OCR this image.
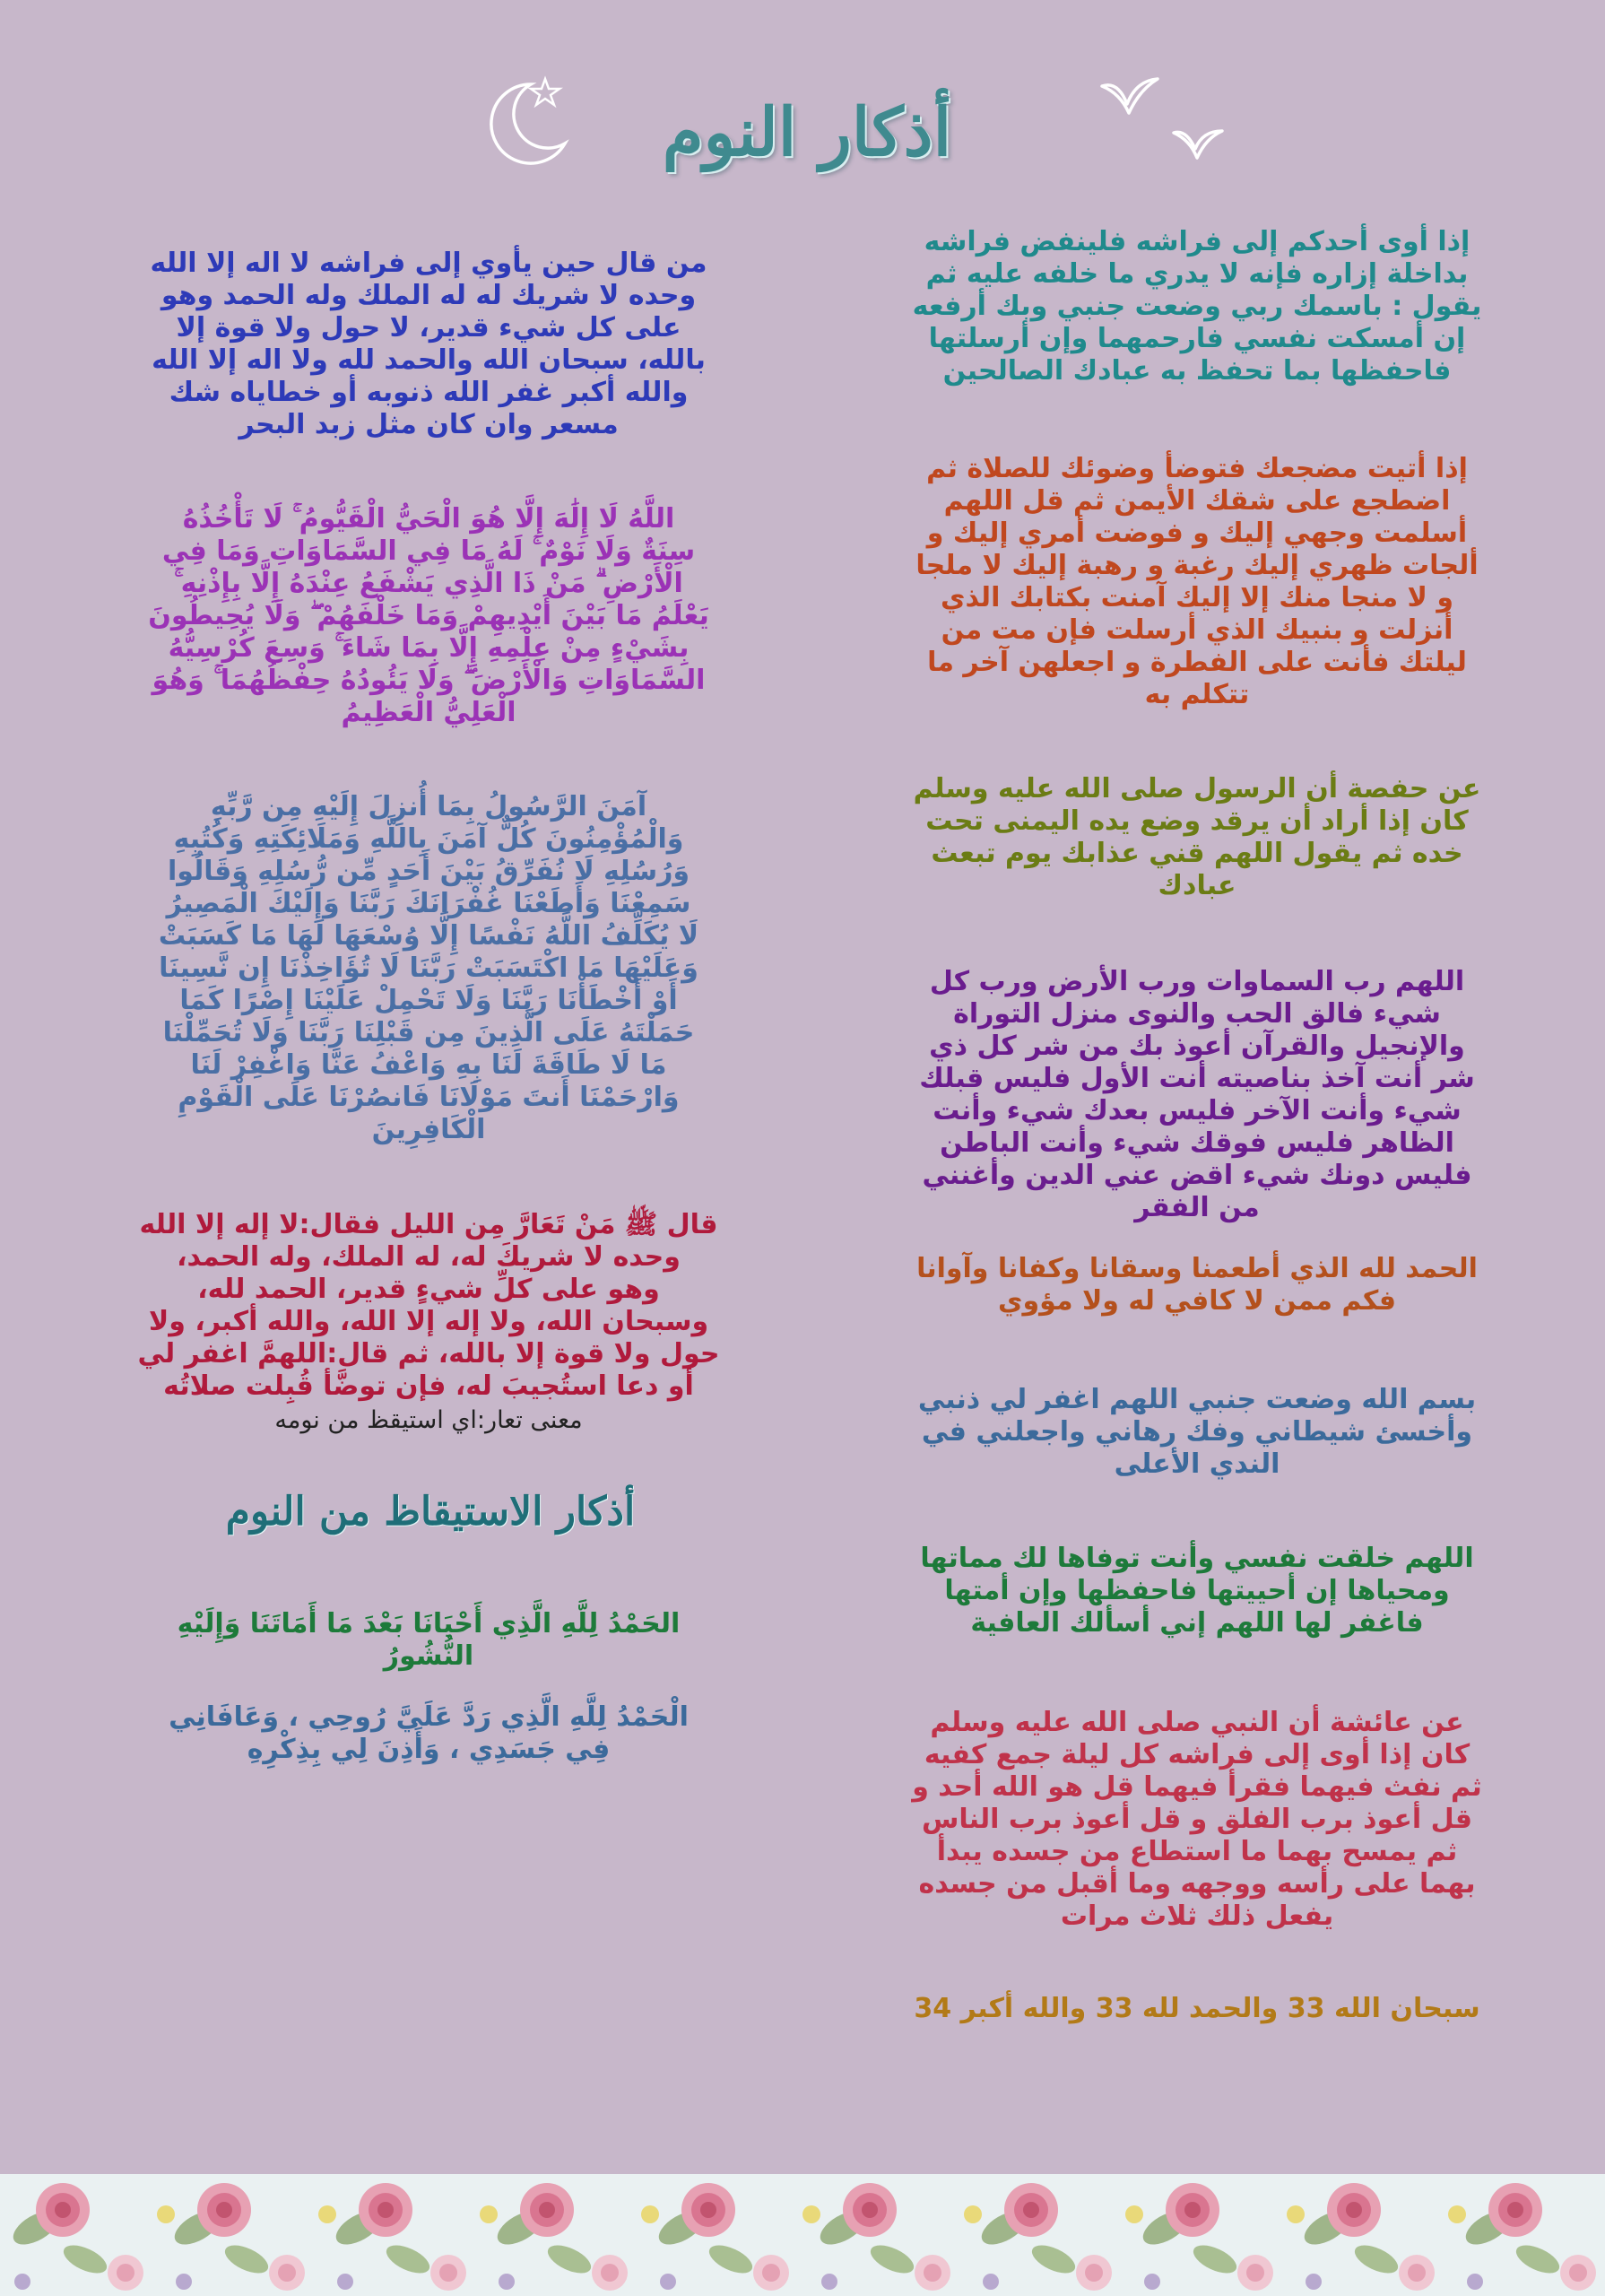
أذكار النوم
إذا أوى أحدكم إلى فراشه فلينفض فراشه
بداخلة إزاره فإنه لا يدري ما خلفه عليه ثم
يقول : باسمك ربي وضعت جنبي وبك أرفعه
إن أمسكت نفسي فارحمهما وإن أرسلتها
فاحفظها بما تحفظ به عبادك الصالحين
إذا أتيت مضجعك فتوضأ وضوئك للصلاة ثم
اضطجع على شقك الأيمن ثم قل اللهم
أسلمت وجهي إليك و فوضت أمري إليك و
ألجات ظهري إليك رغبة و رهبة إليك لا ملجا
و لا منجا منك إلا إليك آمنت بكتابك الذي
أنزلت و بنبيك الذي أرسلت فإن مت من
ليلتك فأنت على الفطرة و اجعلهن آخر ما
تتكلم به
عن حفصة أن الرسول صلى الله عليه وسلم
كان إذا أراد أن يرقد وضع يده اليمنى تحت
خده ثم يقول اللهم قني عذابك يوم تبعث
عبادك
اللهم رب السماوات ورب الأرض ورب كل
شيء فالق الحب والنوى منزل التوراة
والإنجيل والقرآن أعوذ بك من شر كل ذي
شر أنت آخذ بناصيته أنت الأول فليس قبلك
شيء وأنت الآخر فليس بعدك شيء وأنت
الظاهر فليس فوقك شيء وأنت الباطن
فليس دونك شيء اقض عني الدين وأغنني
من الفقر
الحمد لله الذي أطعمنا وسقانا وكفانا وآوانا
فكم ممن لا كافي له ولا مؤوي
بسم الله وضعت جنبي اللهم اغفر لي ذنبي
وأخسئ شيطاني وفك رهاني واجعلني في
الندي الأعلى
اللهم خلقت نفسي وأنت توفاها لك مماتها
ومحياها إن أحييتها فاحفظها وإن أمتها
فاغفر لها اللهم إني أسألك العافية
عن عائشة أن النبي صلى الله عليه وسلم
كان إذا أوى إلى فراشه كل ليلة جمع كفيه
ثم نفث فيهما فقرأ فيهما قل هو الله أحد و
قل أعوذ برب الفلق و قل أعوذ برب الناس
ثم يمسح بهما ما استطاع من جسده يبدأ
بهما على رأسه ووجهه وما أقبل من جسده
يفعل ذلك ثلاث مرات
سبحان الله 33 والحمد لله 33 والله أكبر 34
من قال حين يأوي إلى فراشه لا اله إلا الله
وحده لا شريك له له الملك وله الحمد وهو
على كل شيء قدير، لا حول ولا قوة إلا
بالله، سبحان الله والحمد لله ولا اله إلا الله
والله أكبر غفر الله ذنوبه أو خطاياه شك
مسعر وان كان مثل زبد البحر
اللَّهُ لَا إِلَٰهَ إِلَّا هُوَ الْحَيُّ الْقَيُّومُ ۚ لَا تَأْخُذُهُ
سِنَةٌ وَلَا نَوْمٌ ۚ لَهُ مَا فِي السَّمَاوَاتِ وَمَا فِي
الْأَرْضِ ۗ مَنْ ذَا الَّذِي يَشْفَعُ عِنْدَهُ إِلَّا بِإِذْنِهِ ۚ
يَعْلَمُ مَا بَيْنَ أَيْدِيهِمْ وَمَا خَلْفَهُمْ ۖ وَلَا يُحِيطُونَ
بِشَيْءٍ مِنْ عِلْمِهِ إِلَّا بِمَا شَاءَ ۚ وَسِعَ كُرْسِيُّهُ
السَّمَاوَاتِ وَالْأَرْضَ ۖ وَلَا يَئُودُهُ حِفْظُهُمَا ۚ وَهُوَ
الْعَلِيُّ الْعَظِيمُ
آمَنَ الرَّسُولُ بِمَا أُنزِلَ إِلَيْهِ مِن رَّبِّهِ
وَالْمُؤْمِنُونَ كُلٌّ آمَنَ بِاللَّهِ وَمَلَائِكَتِهِ وَكُتُبِهِ
وَرُسُلِهِ لَا نُفَرِّقُ بَيْنَ أَحَدٍ مِّن رُّسُلِهِ وَقَالُوا
سَمِعْنَا وَأَطَعْنَا غُفْرَانَكَ رَبَّنَا وَإِلَيْكَ الْمَصِيرُ
لَا يُكَلِّفُ اللَّهُ نَفْسًا إِلَّا وُسْعَهَا لَهَا مَا كَسَبَتْ
وَعَلَيْهَا مَا اكْتَسَبَتْ رَبَّنَا لَا تُؤَاخِذْنَا إِن نَّسِينَا
أَوْ أَخْطَأْنَا رَبَّنَا وَلَا تَحْمِلْ عَلَيْنَا إِصْرًا كَمَا
حَمَلْتَهُ عَلَى الَّذِينَ مِن قَبْلِنَا رَبَّنَا وَلَا تُحَمِّلْنَا
مَا لَا طَاقَةَ لَنَا بِهِ وَاعْفُ عَنَّا وَاغْفِرْ لَنَا
وَارْحَمْنَا أَنتَ مَوْلَانَا فَانصُرْنَا عَلَى الْقَوْمِ
الْكَافِرِينَ
قال ﷺ مَنْ تَعَارَّ مِن الليل فقال:لا إله إلا الله
وحده لا شريكَ له، له الملك، وله الحمد،
وهو على كلِّ شيءٍ قدير، الحمد لله،
وسبحان الله، ولا إله إلا الله، والله أكبر، ولا
حول ولا قوة إلا بالله، ثم قال:اللهمَّ اغفر لي
أو دعا استُجيبَ له، فإن توضَّأ قُبِلت صلاتُه
معنى تعار:اي استيقظ من نومه
الحَمْدُ لِلَّهِ الَّذِي أَحْيَانَا بَعْدَ مَا أَمَاتَنَا وَإِلَيْهِ
النُّشُورُ
الْحَمْدُ لِلَّهِ الَّذِي رَدَّ عَلَيَّ رُوحِي ، وَعَافَانِي
فِي جَسَدِي ، وَأَذِنَ لِي بِذِكْرِهِ
أذكار الاستيقاظ من النوم
